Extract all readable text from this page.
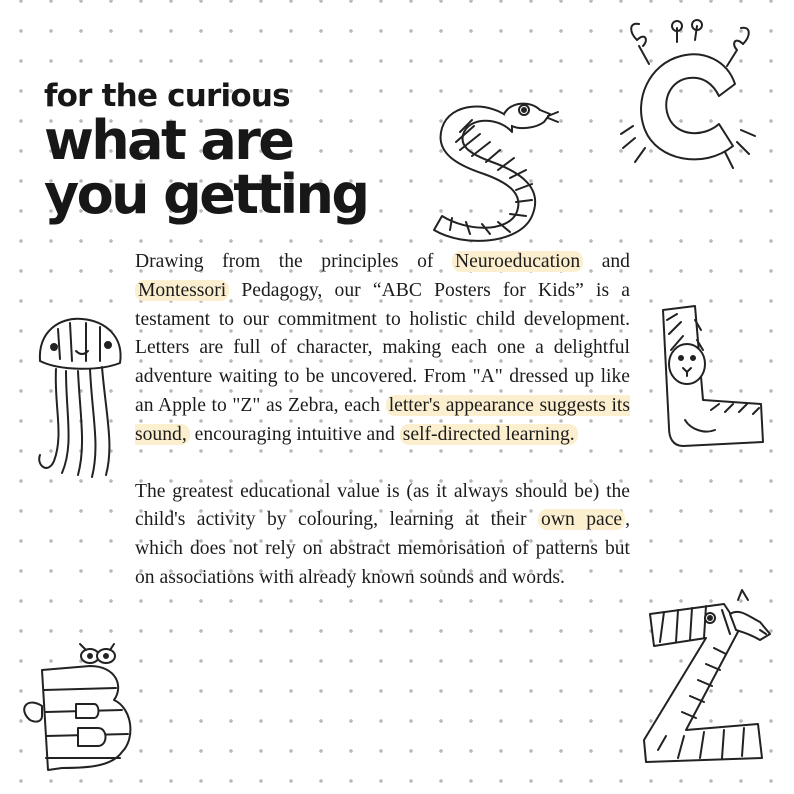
for the curious
what are
you getting

Drawing from the principles of Neuroeducation and Montessori Pedagogy, our “ABC Posters for Kids” is a testament to our commitment to holistic child development. Letters are full of character, making each one a delightful adventure waiting to be uncovered. From "A" dressed up like an Apple to "Z" as Zebra, each letter's appearance suggests its sound, encouraging intuitive and self-directed learning.

The greatest educational value is (as it always should be) the child's activity by colouring, learning at their own pace , which does not rely on abstract memorisation of patterns but on associations with already known sounds and words.
